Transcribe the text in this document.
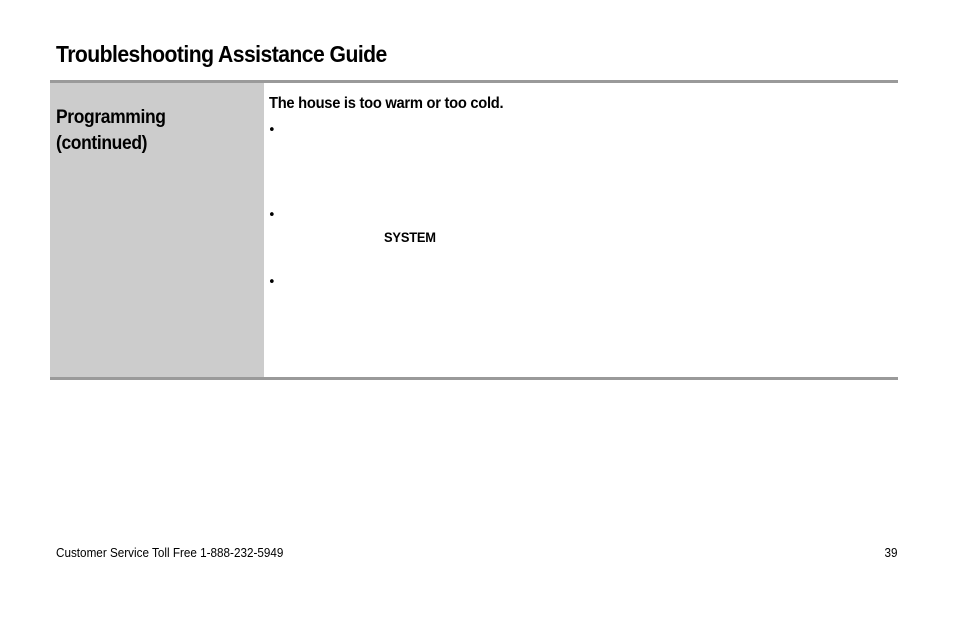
Troubleshooting Assistance Guide
Programming
(continued)
The house is too warm or too cold.
•
•
SYSTEM
•
Customer Service Toll Free 1-888-232-5949	39
